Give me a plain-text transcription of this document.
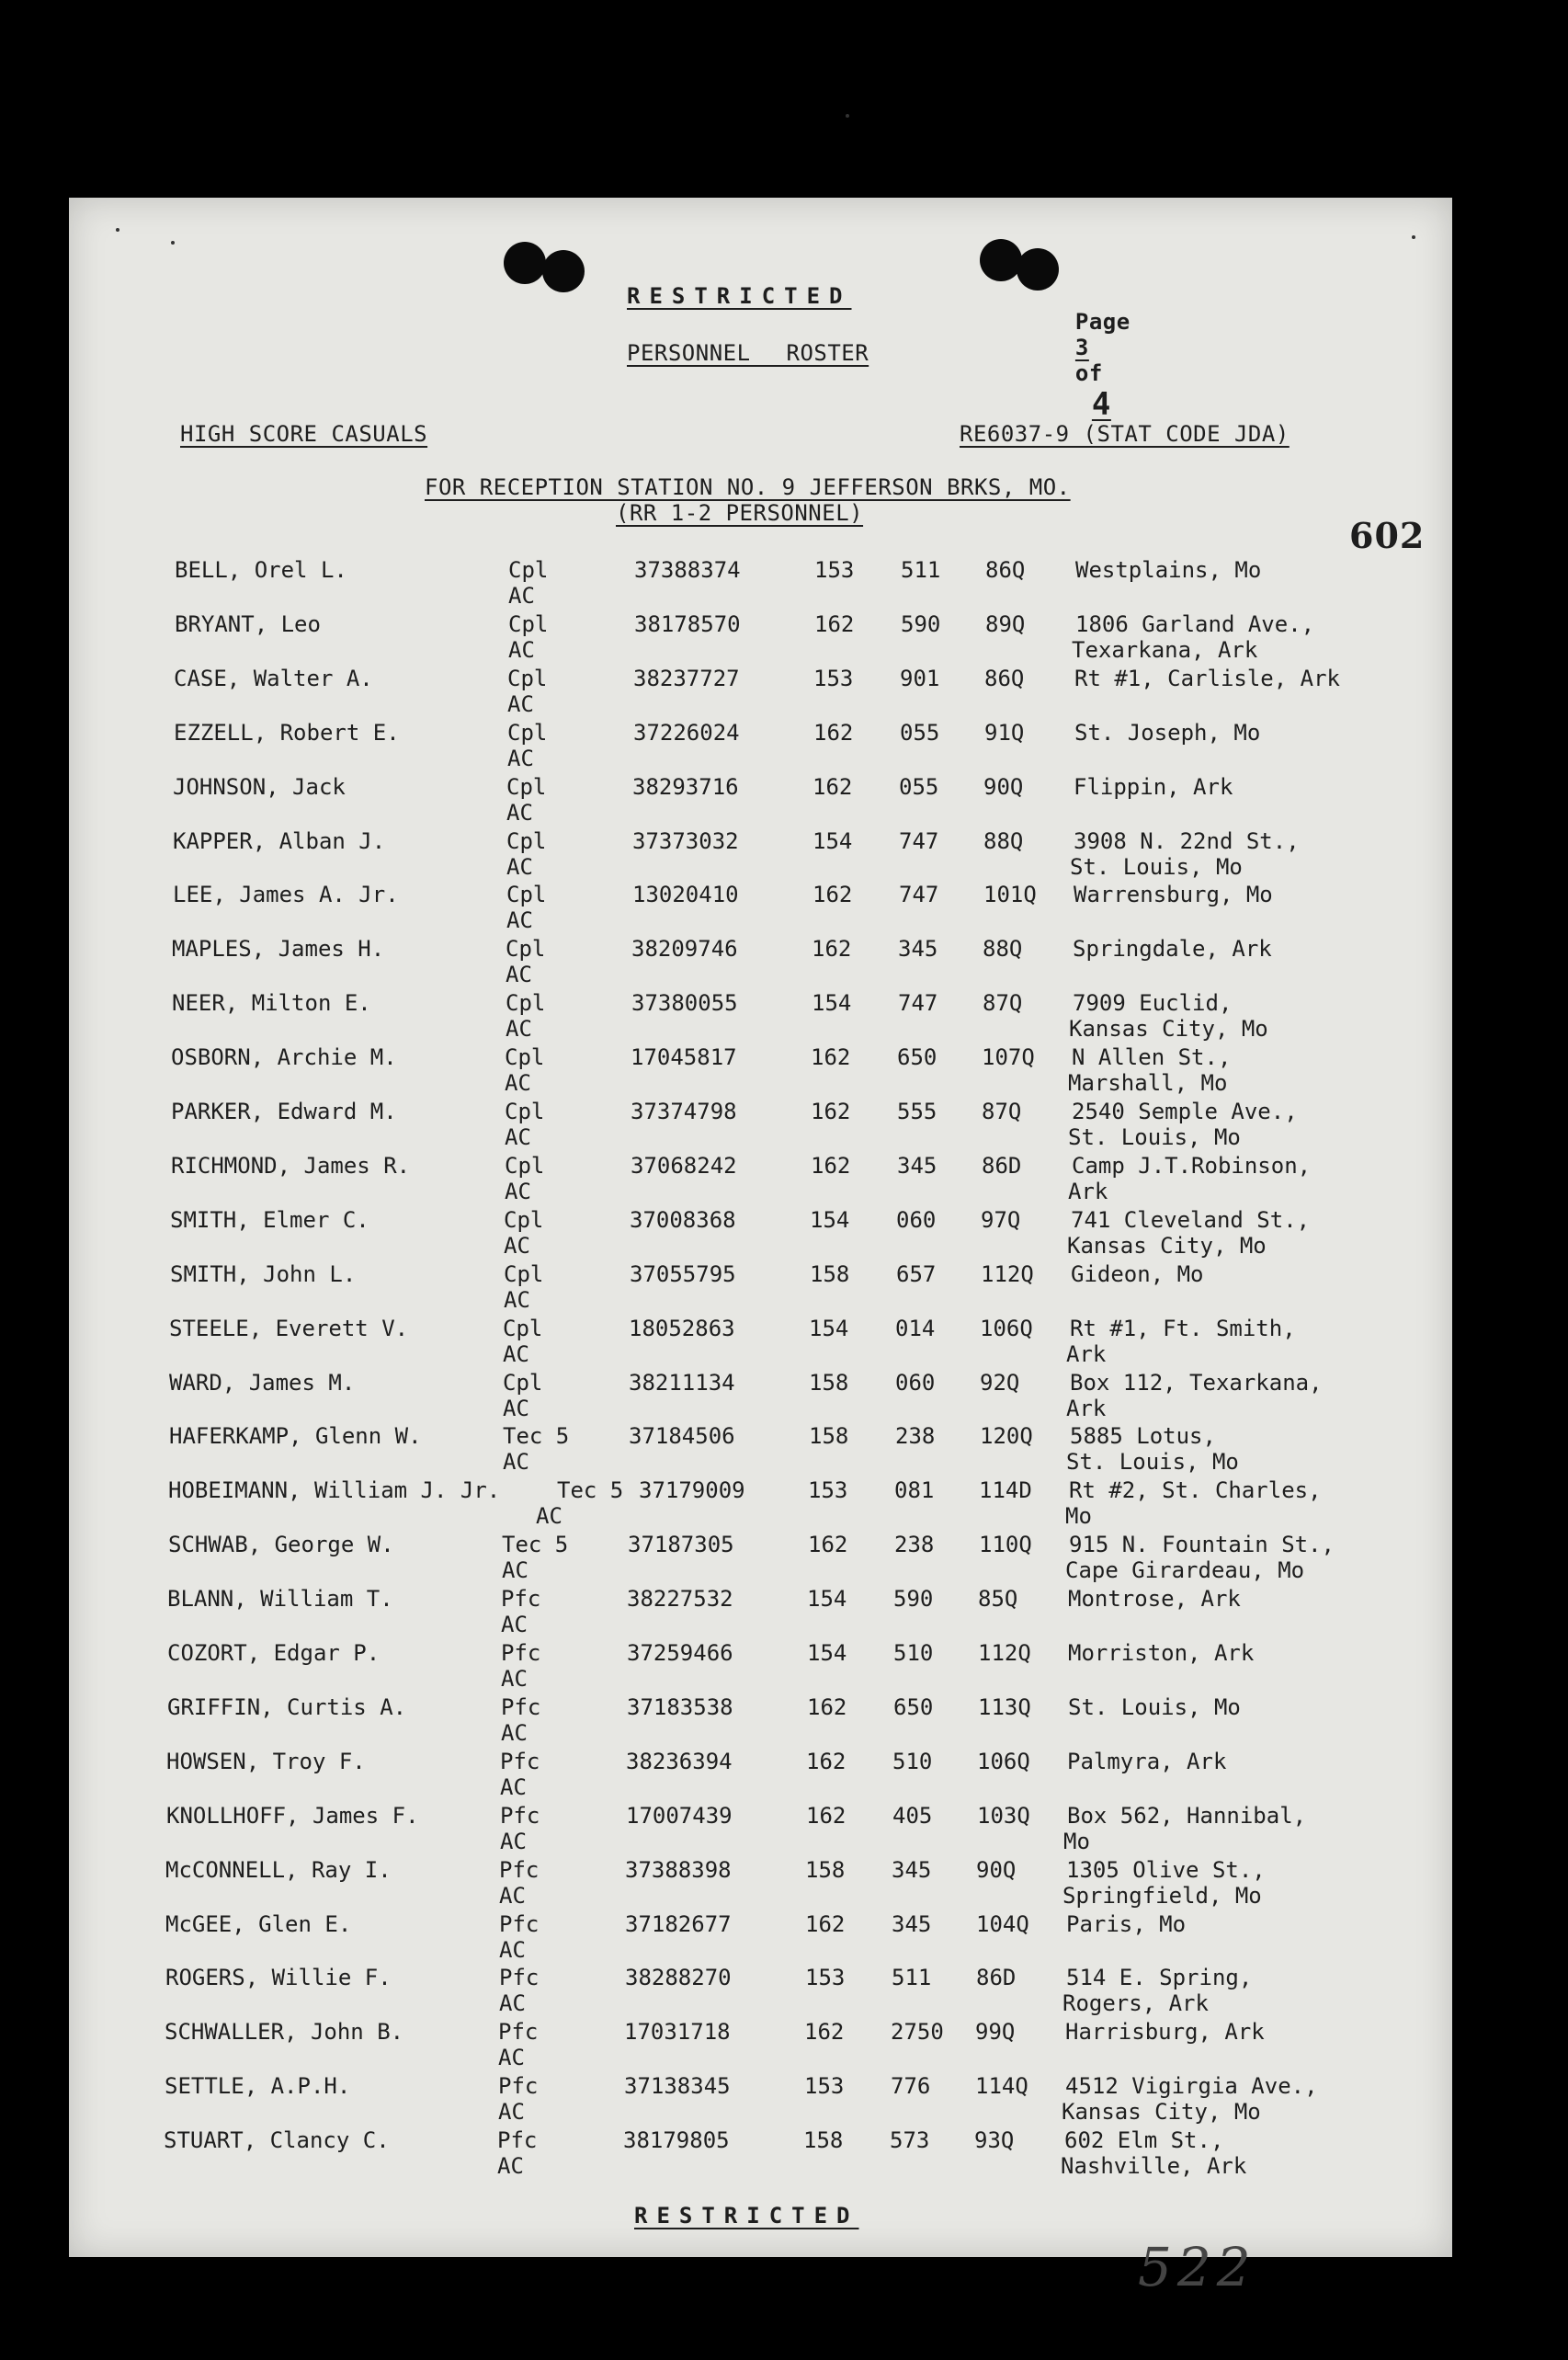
RESTRICTED

Page
3
of
4

PERSONNEL ROSTER
HIGH SCORE CASUALS	RE6037-9 (STAT CODE JDA)
FOR RECEPTION STATION NO. 9 JEFFERSON BRKS, MO.
(RR 1-2 PERSONNEL)
602
BELL, Orel L.	Cpl	37388374	153 511 86Q Westplains, Mo
AC
BRYANT, Leo	Cpl	38178570	162 590 89Q 1806 Garland Ave.,
AC	Texarkana, Ark
CASE, Walter A.	Cpl	38237727	153 901 86Q Rt #1, Carlisle, Ark
AC
EZZELL, Robert E.	Cpl	37226024	162 055 91Q St. Joseph, Mo
AC
JOHNSON, Jack	Cpl	38293716	162 055 90Q Flippin, Ark
AC
KAPPER, Alban J.	Cpl	37373032	154 747 88Q 3908 N. 22nd St.,
AC	St. Louis, Mo
LEE, James A. Jr.	Cpl	13020410	162 747 101Q Warrensburg, Mo
AC
MAPLES, James H.	Cpl	38209746	162 345 88Q Springdale, Ark
AC
NEER, Milton E.	Cpl	37380055	154 747 87Q 7909 Euclid,
AC	Kansas City, Mo
OSBORN, Archie M.	Cpl	17045817	162 650 107Q N Allen St.,
AC	Marshall, Mo
PARKER, Edward M.	Cpl	37374798	162 555 87Q 2540 Semple Ave.,
AC	St. Louis, Mo
RICHMOND, James R.	Cpl	37068242	162 345 86D Camp J.T.Robinson,
AC	Ark
SMITH, Elmer C.	Cpl	37008368	154 060 97Q 741 Cleveland St.,
AC	Kansas City, Mo
SMITH, John L.	Cpl	37055795	158 657 112Q Gideon, Mo
AC
STEELE, Everett V.	Cpl	18052863	154 014 106Q Rt #1, Ft. Smith,
AC	Ark
WARD, James M.	Cpl	38211134	158 060 92Q Box 112, Texarkana,
AC	Ark
HAFERKAMP, Glenn W.	Tec 5	37184506	158 238 120Q 5885 Lotus,
AC	St. Louis, Mo
HOBEIMANN, William J. Jr.	Tec 5 37179009	153 081 114D Rt #2, St. Charles,
AC	Mo
SCHWAB, George W.	Tec 5	37187305	162 238 110Q 915 N. Fountain St.,
AC	Cape Girardeau, Mo
BLANN, William T.	Pfc	38227532	154 590 85Q Montrose, Ark
AC
COZORT, Edgar P.	Pfc	37259466	154 510 112Q Morriston, Ark
AC
GRIFFIN, Curtis A.	Pfc	37183538	162 650 113Q St. Louis, Mo
AC
HOWSEN, Troy F.	Pfc	38236394	162 510 106Q Palmyra, Ark
AC
KNOLLHOFF, James F.	Pfc	17007439	162 405 103Q Box 562, Hannibal,
AC	Mo
McCONNELL, Ray I.	Pfc	37388398	158 345 90Q 1305 Olive St.,
AC	Springfield, Mo
McGEE, Glen E.	Pfc	37182677	162 345 104Q Paris, Mo
AC
ROGERS, Willie F.	Pfc	38288270	153 511 86D 514 E. Spring,
AC	Rogers, Ark
SCHWALLER, John B.	Pfc	17031718	162 2750 99Q Harrisburg, Ark
AC
SETTLE, A.P.H.	Pfc	37138345	153 776 114Q 4512 Vigirgia Ave.,
AC	Kansas City, Mo
STUART, Clancy C.	Pfc	38179805	158 573 93Q 602 Elm St.,
AC	Nashville, Ark
RESTRICTED
522
